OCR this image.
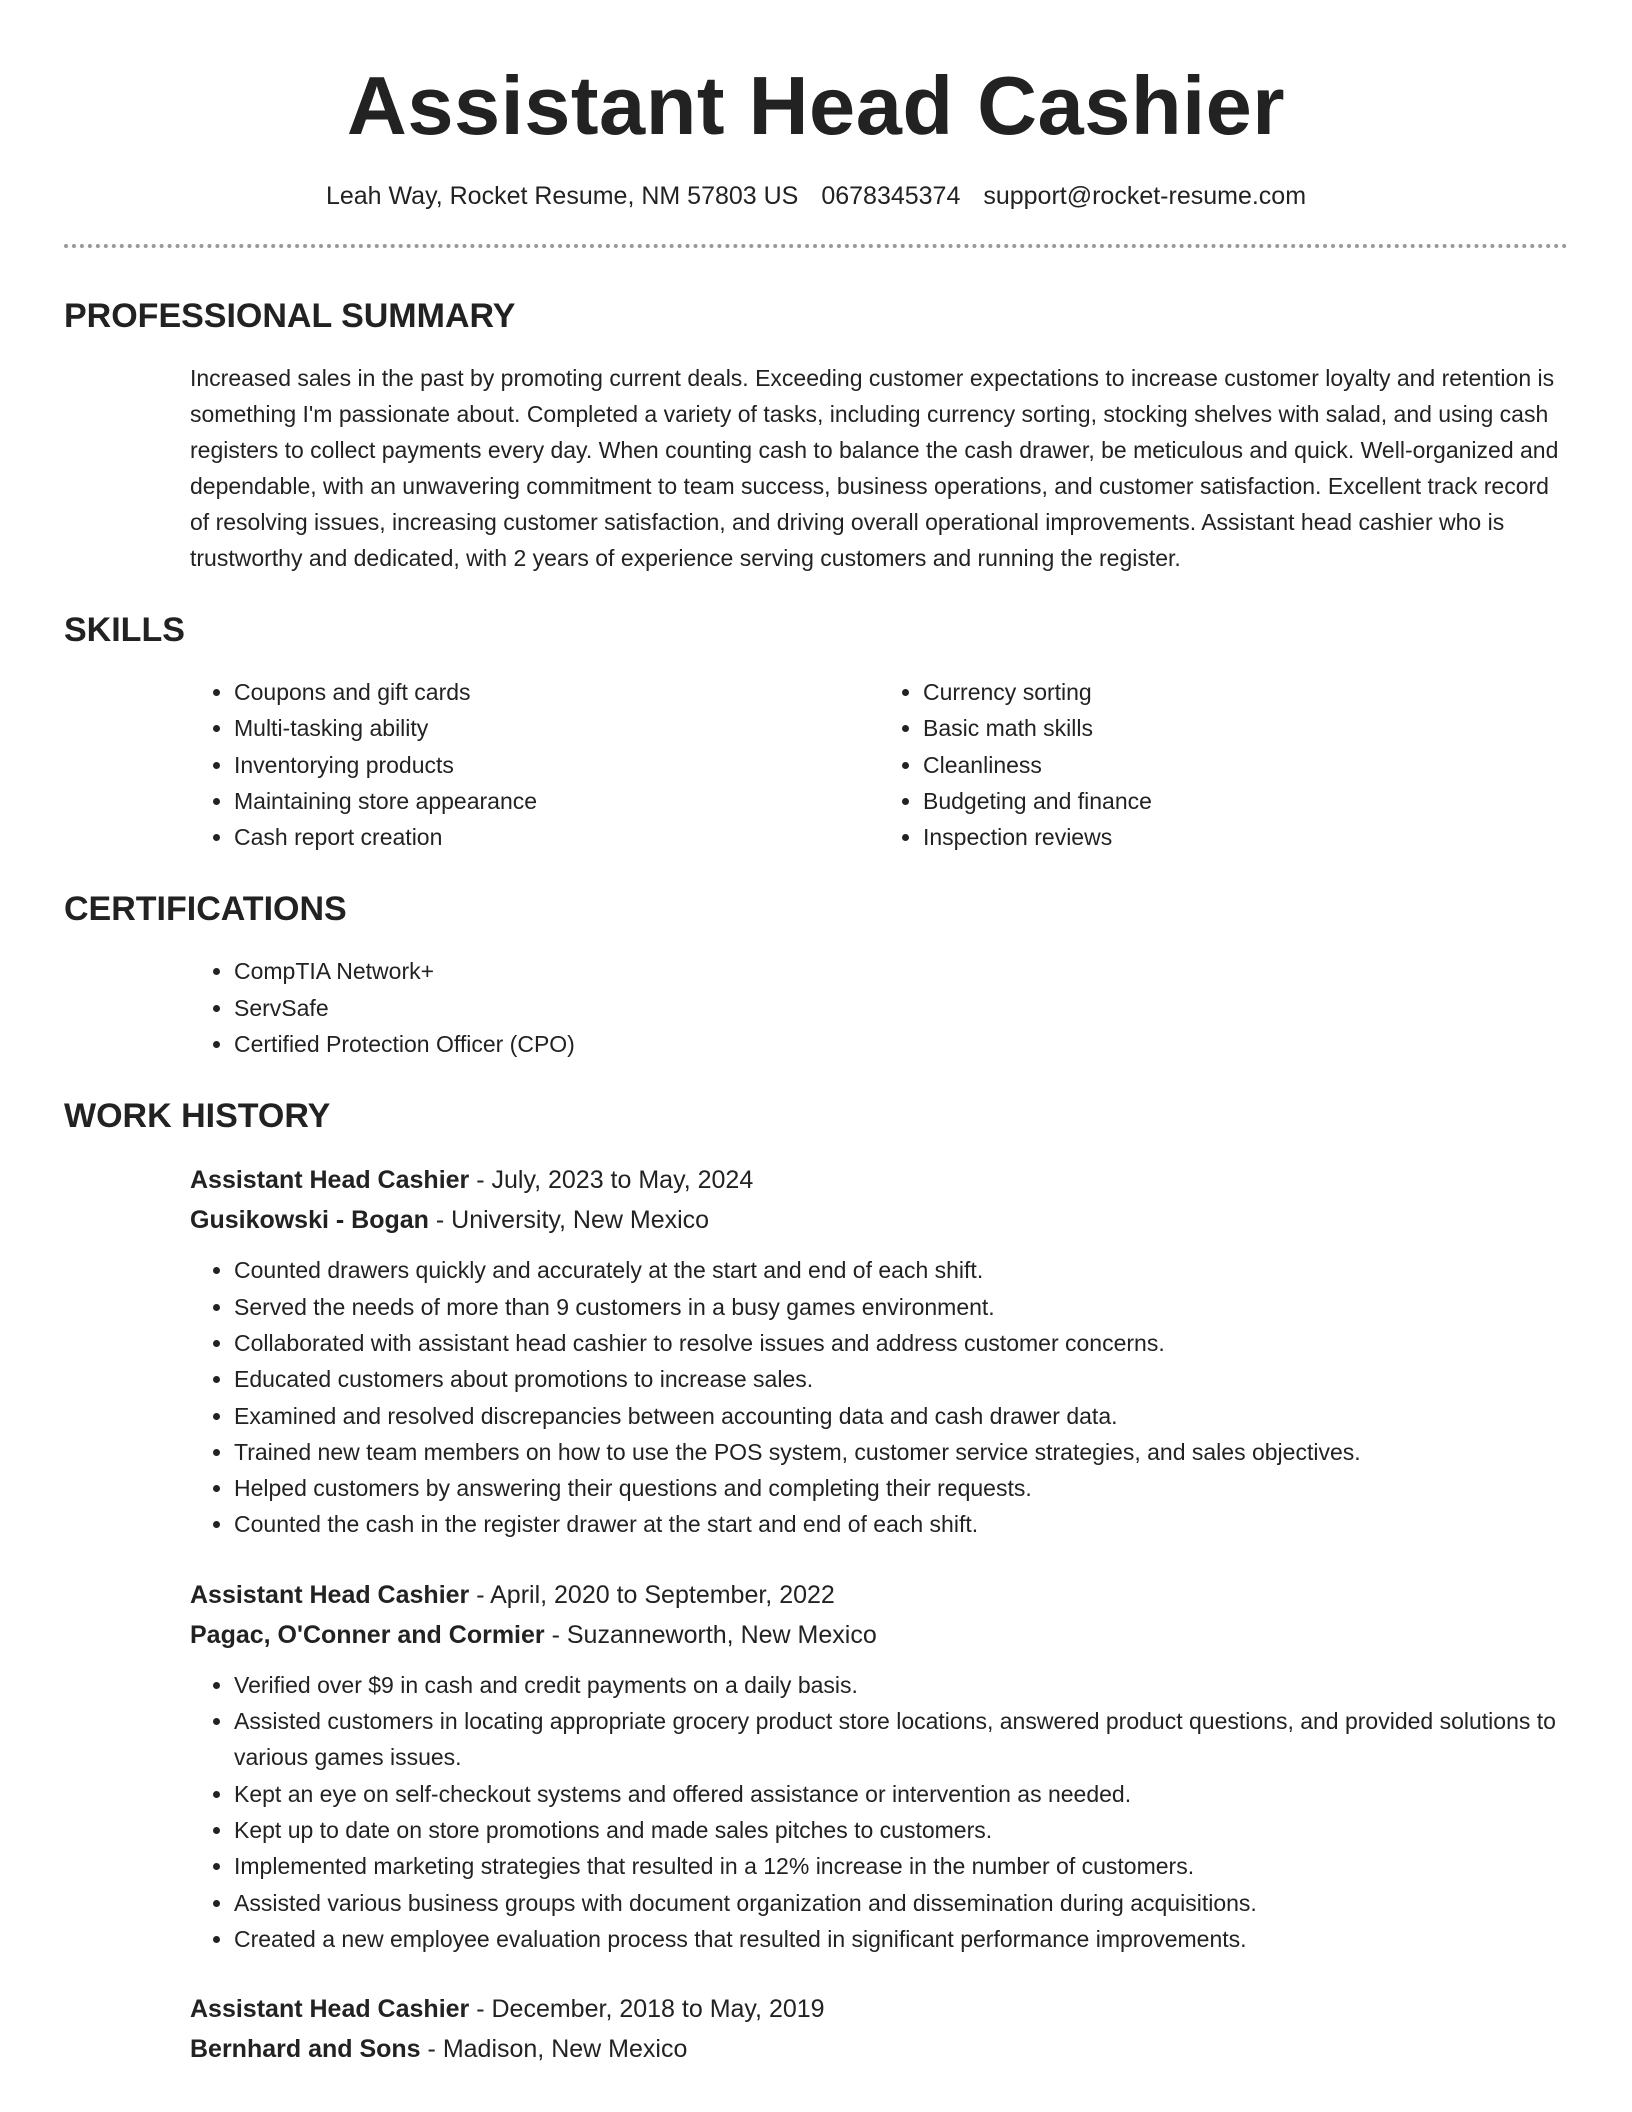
Assistant Head Cashier
Leah Way, Rocket Resume, NM 57803 US 0678345374 support@rocket-resume.com
PROFESSIONAL SUMMARY

Increased sales in the past by promoting current deals. Exceeding customer expectations to increase customer loyalty and retention is something I'm passionate about. Completed a variety of tasks, including currency sorting, stocking shelves with salad, and using cash registers to collect payments every day. When counting cash to balance the cash drawer, be meticulous and quick. Well-organized and dependable, with an unwavering commitment to team success, business operations, and customer satisfaction. Excellent track record of resolving issues, increasing customer satisfaction, and driving overall operational improvements. Assistant head cashier who is trustworthy and dedicated, with 2 years of experience serving customers and running the register.

SKILLS
• Coupons and gift cards
• Multi-tasking ability
• Inventorying products
• Maintaining store appearance
• Cash report creation
• Currency sorting
• Basic math skills
• Cleanliness
• Budgeting and finance
• Inspection reviews
CERTIFICATIONS
• CompTIA Network+
• ServSafe
• Certified Protection Officer (CPO)
WORK HISTORY
Assistant Head Cashier - July, 2023 to May, 2024
Gusikowski - Bogan - University, New Mexico
• Counted drawers quickly and accurately at the start and end of each shift.
• Served the needs of more than 9 customers in a busy games environment.
• Collaborated with assistant head cashier to resolve issues and address customer concerns.
• Educated customers about promotions to increase sales.
• Examined and resolved discrepancies between accounting data and cash drawer data.
• Trained new team members on how to use the POS system, customer service strategies, and sales objectives.
• Helped customers by answering their questions and completing their requests.
• Counted the cash in the register drawer at the start and end of each shift.
Assistant Head Cashier - April, 2020 to September, 2022
Pagac, O'Conner and Cormier - Suzanneworth, New Mexico
• Verified over $9 in cash and credit payments on a daily basis.
• Assisted customers in locating appropriate grocery product store locations, answered product questions, and provided solutions to various games issues.
• Kept an eye on self-checkout systems and offered assistance or intervention as needed.
• Kept up to date on store promotions and made sales pitches to customers.
• Implemented marketing strategies that resulted in a 12% increase in the number of customers.
• Assisted various business groups with document organization and dissemination during acquisitions.
• Created a new employee evaluation process that resulted in significant performance improvements.
Assistant Head Cashier - December, 2018 to May, 2019
Bernhard and Sons - Madison, New Mexico
